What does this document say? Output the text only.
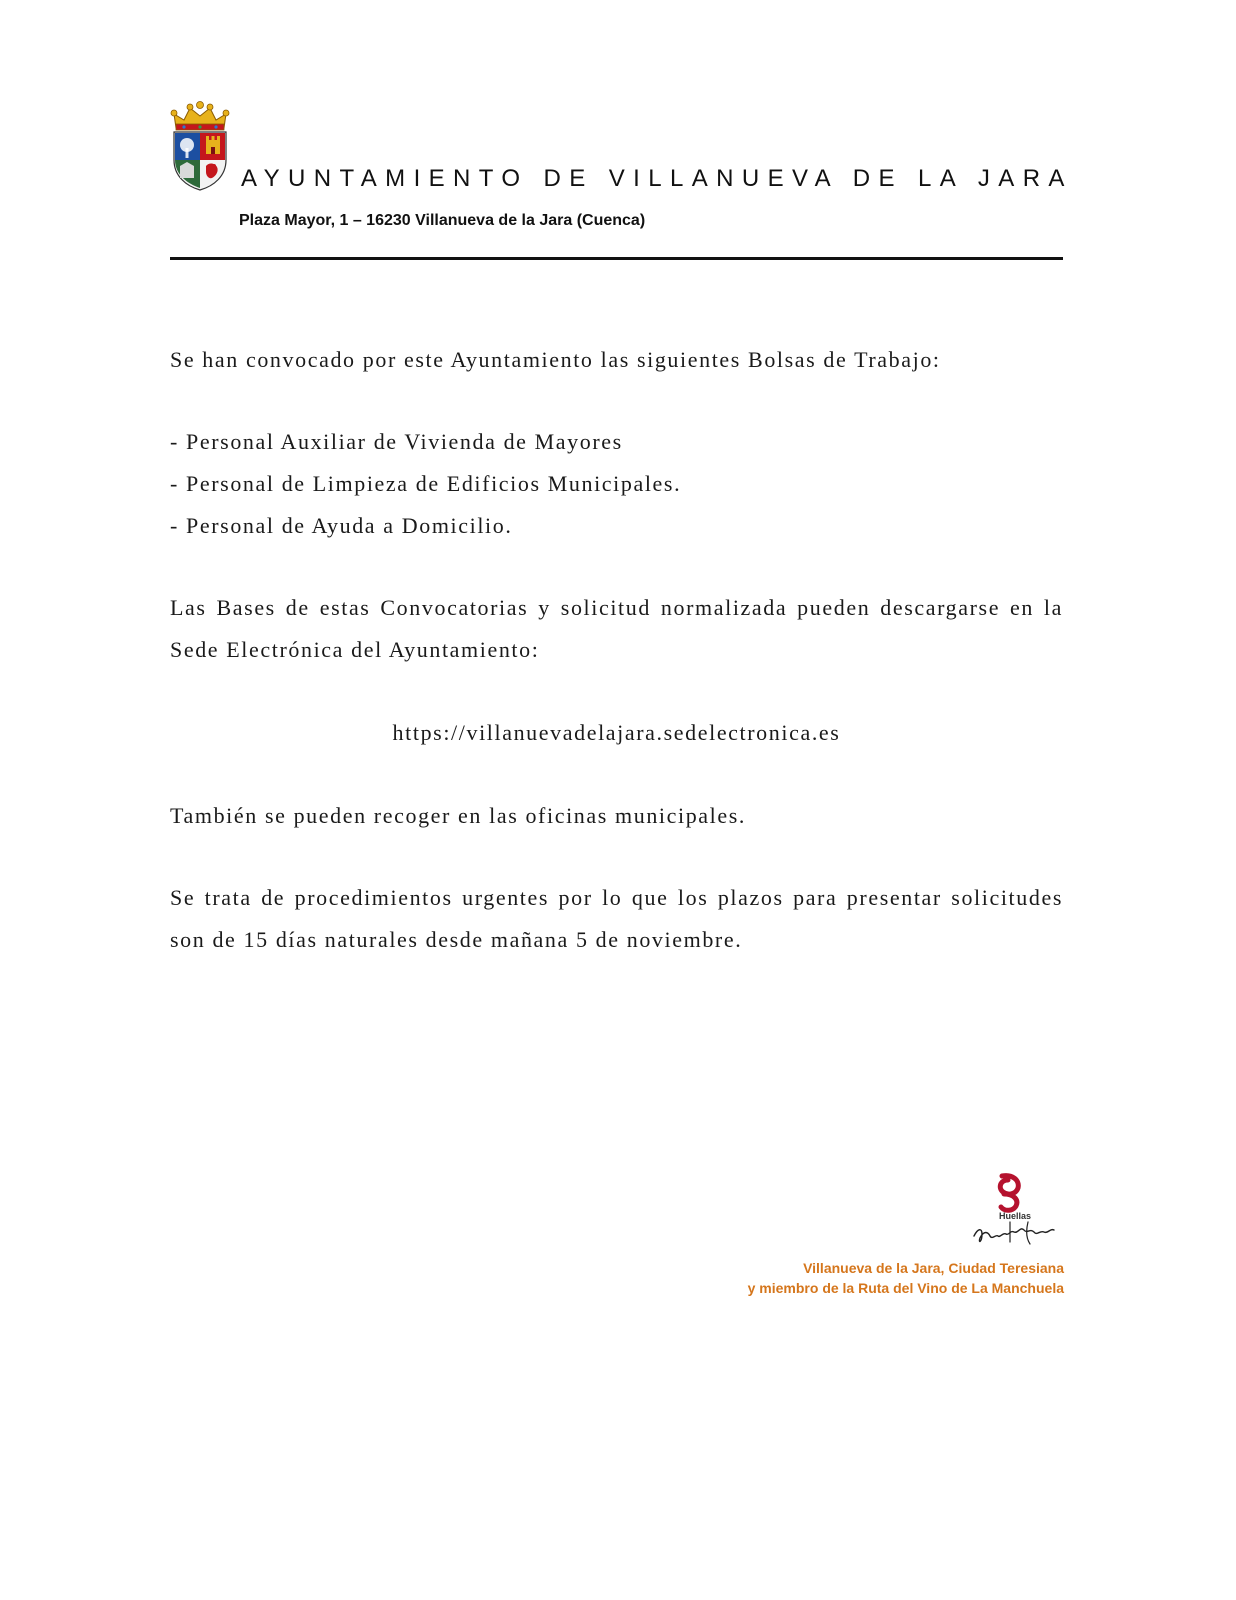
AYUNTAMIENTO DE VILLANUEVA DE LA JARA
Plaza Mayor, 1 – 16230 Villanueva de la Jara (Cuenca)
Se han convocado por este Ayuntamiento las siguientes Bolsas de Trabajo:
- Personal Auxiliar de Vivienda de Mayores
- Personal de Limpieza de Edificios Municipales.
- Personal de Ayuda a Domicilio.
Las Bases de estas Convocatorias y solicitud normalizada pueden descargarse en la Sede Electrónica del Ayuntamiento:
https://villanuevadelajara.sedelectronica.es
También se pueden recoger en las oficinas municipales.
Se trata de procedimientos urgentes por lo que los plazos para presentar solicitudes son de 15 días naturales desde mañana 5 de noviembre.
Huellas
Villanueva de la Jara, Ciudad Teresiana
y miembro de la Ruta del Vino de La Manchuela
